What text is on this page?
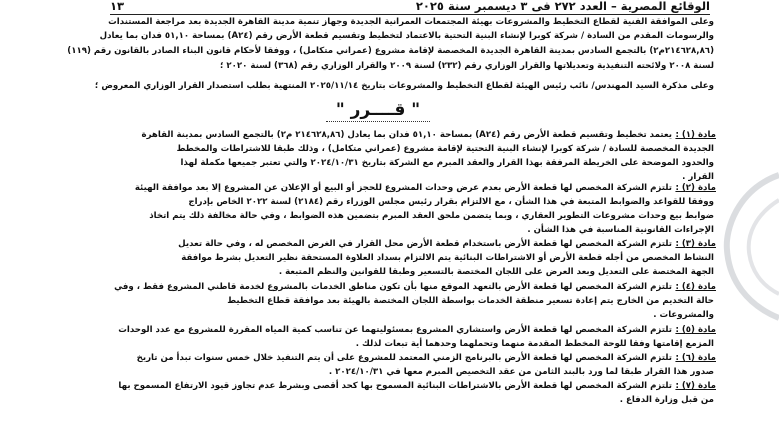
الوقائع المصرية – العدد ٢٧٢ فى ٣ ديسمبر سنة ٢٠٢٥
١٣
وعلى الموافقة الفنية لقطاع التخطيط والمشروعات بهيئة المجتمعات العمرانية الجديدة وجهاز تنمية مدينة القاهرة الجديدة بعد مراجعة المستندات
والرسومات المقدم من السادة / شركة كوبرا لإنشاء البنية التحتية بالاعتماد لتخطيط وتقسيم قطعة الأرض رقم (A٢٤) بمساحة ٥١,١٠ فدان بما يعادل
(٢١٤٦٢٨,٨٦م٢) بالتجمع السادس بمدينة القاهرة الجديدة المخصصة لإقامة مشروع (عمراني متكامل) ، ووفقا لأحكام قانون البناء الصادر بالقانون رقم (١١٩)
لسنة ٢٠٠٨ ولائحته التنفيذية وتعديلاتها والقرار الوزاري رقم (٢٣٢) لسنة ٢٠٠٩ والقرار الوزاري رقم (٣٦٨) لسنة ٢٠٢٠ ؛
وعلى مذكرة السيد المهندس/ نائب رئيس الهيئة لقطاع التخطيط والمشروعات بتاريخ ٢٠٢٥/١١/١٤ المنتهية بطلب استصدار القرار الوزاري المعروض ؛
" قــــرر "
مادة (١) :
يعتمد تخطيط وتقسيم قطعة الأرض رقم (A٢٤) بمساحة ٥١,١٠ فدان بما يعادل (٢١٤٦٢٨,٨٦ م٢) بالتجمع السادس بمدينة القاهرة
الجديدة المخصصة للسادة / شركة كوبرا لإنشاء البنية التحتية لإقامة مشروع (عمراني متكامل) ، وذلك طبقا للاشتراطات والمخطط
والحدود الموضحة على الخريطة المرفقة بهذا القرار والعقد المبرم مع الشركة بتاريخ ٢٠٢٤/١٠/٣١ والتي تعتبر جميعها مكملة لهذا
القرار .
مادة (٢) :
تلتزم الشركة المخصص لها قطعة الأرض بعدم عرض وحدات المشروع للحجز أو البيع أو الإعلان عن المشروع إلا بعد موافقة الهيئة
ووفقا للقواعد والضوابط المتبعة في هذا الشأن ، مع الالتزام بقرار رئيس مجلس الوزراء رقم (٢١٨٤) لسنة ٢٠٢٢ الخاص بإدراج
ضوابط بيع وحدات مشروعات التطوير العقاري ، وبما يتضمن ملحق العقد المبرم بتضمين هذه الضوابط ، وفي حالة مخالفة ذلك يتم اتخاذ
الإجراءات القانونية المناسبة في هذا الشأن .
مادة (٣) :
تلتزم الشركة المخصص لها قطعة الأرض باستخدام قطعة الأرض محل القرار في الغرض المخصص له ، وفي حالة تعديل
النشاط المخصص من أجله قطعة الأرض أو الاشتراطات البنائية يتم الالتزام بسداد العلاوة المستحقة نظير التعديل بشرط موافقة
الجهة المختصة على التعديل وبعد العرض على اللجان المختصة بالتسعير وطبقا للقوانين والنظم المتبعة .
مادة (٤) :
تلتزم الشركة المخصص لها قطعة الأرض بالتعهد الموقع منها بأن تكون مناطق الخدمات بالمشروع لخدمة قاطني المشروع فقط ، وفي
حالة التخديم من الخارج يتم إعادة تسعير منطقة الخدمات بواسطة اللجان المختصة بالهيئة بعد موافقة قطاع التخطيط
والمشروعات .
مادة (٥) :
تلتزم الشركة المخصص لها قطعة الأرض واستشاري المشروع بمسئوليتهما عن تناسب كمية المياه المقررة للمشروع مع عدد الوحدات
المزمع إقامتها وفقا للوحة المخطط المقدمة منهما وتحملهما وحدهما أية تبعات لذلك .
مادة (٦) :
تلتزم الشركة المخصص لها قطعة الأرض بالبرنامج الزمني المعتمد للمشروع على أن يتم التنفيذ خلال خمس سنوات تبدأ من تاريخ
صدور هذا القرار طبقا لما ورد بالبند الثامن من عقد التخصيص المبرم معها في ٢٠٢٤/١٠/٣١ .
مادة (٧) :
تلتزم الشركة المخصص لها قطعة الأرض بالاشتراطات البنائية المسموح بها كحد أقصى وبشرط عدم تجاوز قيود الارتفاع المسموح بها
من قبل وزارة الدفاع .
